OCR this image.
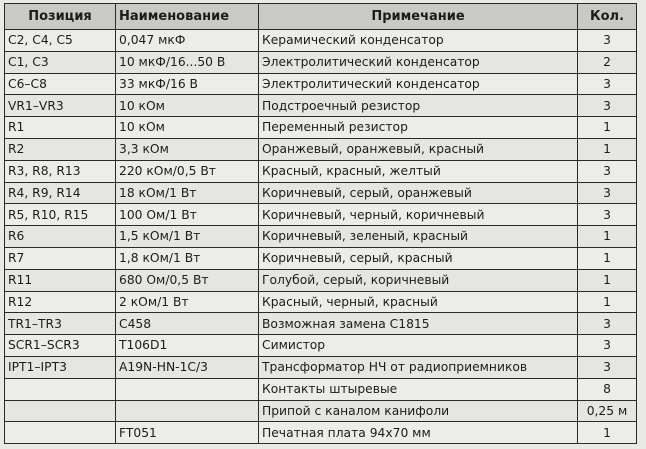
Позиция	Наименование	Примечание	Кол.
C2, C4, C5	0,047 мкФ	Керамический конденсатор	3
C1, C3	10 мкФ/16...50 В	Электролитический конденсатор	2
C6–C8	33 мкФ/16 В	Электролитический конденсатор	3
VR1–VR3	10 кОм	Подстроечный резистор	3
R1	10 кОм	Переменный резистор	1
R2	3,3 кОм	Оранжевый, оранжевый, красный	1
R3, R8, R13	220 кОм/0,5 Вт	Красный, красный, желтый	3
R4, R9, R14	18 кОм/1 Вт	Коричневый, серый, оранжевый	3
R5, R10, R15	100 Ом/1 Вт	Коричневый, черный, коричневый	3
R6	1,5 кОм/1 Вт	Коричневый, зеленый, красный	1
R7	1,8 кОм/1 Вт	Коричневый, серый, красный	1
R11	680 Ом/0,5 Вт	Голубой, серый, коричневый	1
R12	2 кОм/1 Вт	Красный, черный, красный	1
TR1–TR3	C458	Возможная замена C1815	3
SCR1–SCR3	T106D1	Симистор	3
IPT1–IPT3	A19N-HN-1C/3	Трансформатор НЧ от радиоприемников	3
		Контакты штыревые	8
		Припой с каналом канифоли	0,25 м
	FT051	Печатная плата 94х70 мм	1
